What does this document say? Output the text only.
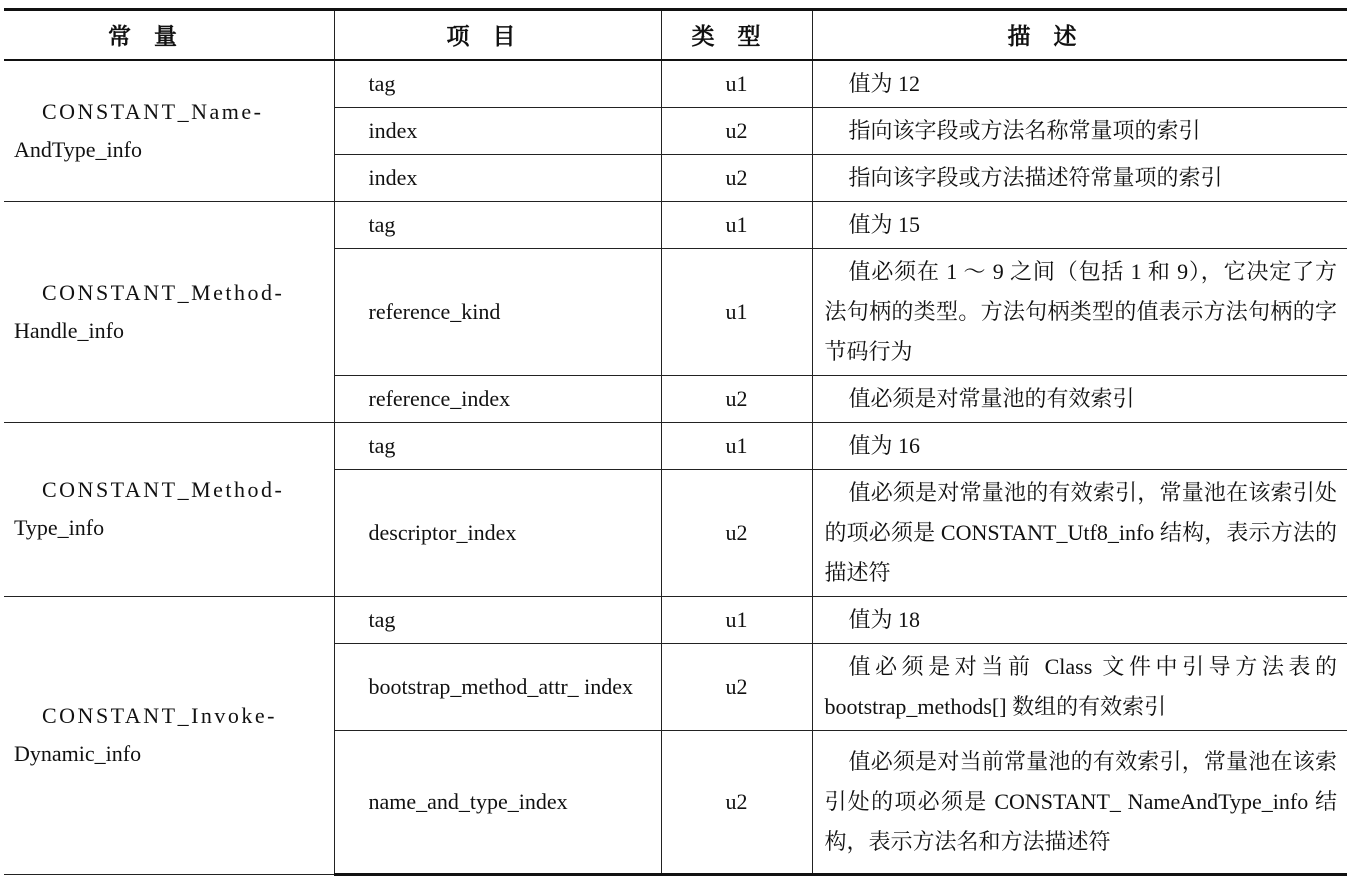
常　量	项　目	类　型	描　述

CONSTANT_Name-
AndType_info	tag	u1	值为 12
	index	u2	指向该字段或方法名称常量项的索引
	index	u2	指向该字段或方法描述符常量项的索引

CONSTANT_Method-
Handle_info	tag	u1	值为 15
	reference_kind	u1	值必须在 1 ～ 9 之间（包括 1 和 9），它决定了方法句柄的类型。方法句柄类型的值表示方法句柄的字节码行为
	reference_index	u2	值必须是对常量池的有效索引

CONSTANT_Method-
Type_info	tag	u1	值为 16
	descriptor_index	u2	值必须是对常量池的有效索引，常量池在该索引处的项必须是 CONSTANT_Utf8_info 结构，表示方法的描述符

CONSTANT_Invoke-
Dynamic_info	tag	u1	值为 18
	bootstrap_method_attr_ index	u2	值必须是对当前 Class 文件中引导方法表的 bootstrap_methods[] 数组的有效索引
	name_and_type_index	u2	值必须是对当前常量池的有效索引，常量池在该索引处的项必须是 CONSTANT_ NameAndType_info 结构，表示方法名和方法描述符
